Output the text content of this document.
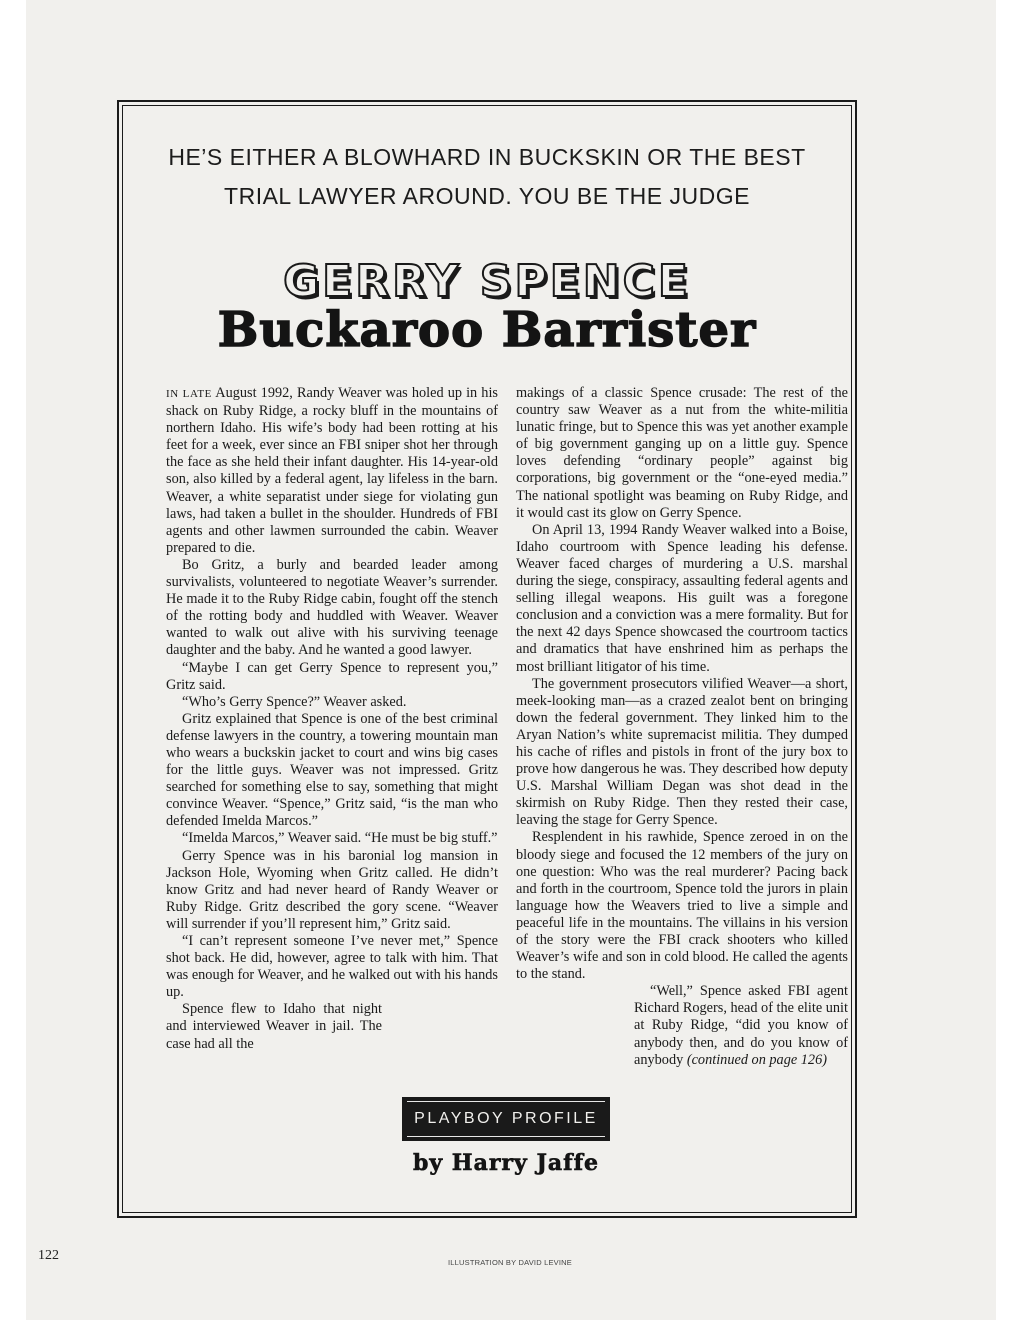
HE’S EITHER A BLOWHARD IN BUCKSKIN OR THE BEST
TRIAL LAWYER AROUND. YOU BE THE JUDGE
GERRY SPENCE
Buckaroo Barrister

IN LATE August 1992, Randy Weaver was holed up in his shack on Ruby Ridge, a rocky bluff in the mountains of northern Idaho. His wife’s body had been rotting at his feet for a week, ever since an FBI sniper shot her through the face as she held their infant daughter. His 14-year-old son, also killed by a federal agent, lay lifeless in the barn. Weaver, a white separatist under siege for violating gun laws, had taken a bullet in the shoulder. Hundreds of FBI agents and other lawmen surrounded the cabin. Weaver prepared to die.

Bo Gritz, a burly and bearded leader among survivalists, volunteered to negotiate Weaver’s surrender. He made it to the Ruby Ridge cabin, fought off the stench of the rotting body and huddled with Weaver. Weaver wanted to walk out alive with his surviving teenage daughter and the baby. And he wanted a good lawyer.

“Maybe I can get Gerry Spence to represent you,” Gritz said.

“Who’s Gerry Spence?” Weaver asked.

Gritz explained that Spence is one of the best criminal defense lawyers in the country, a towering mountain man who wears a buckskin jacket to court and wins big cases for the little guys. Weaver was not impressed. Gritz searched for something else to say, something that might convince Weaver. “Spence,” Gritz said, “is the man who defended Imelda Marcos.”

“Imelda Marcos,” Weaver said. “He must be big stuff.”

Gerry Spence was in his baronial log mansion in Jackson Hole, Wyoming when Gritz called. He didn’t know Gritz and had never heard of Randy Weaver or Ruby Ridge. Gritz described the gory scene. “Weaver will surrender if you’ll represent him,” Gritz said.

“I can’t represent someone I’ve never met,” Spence shot back. He did, however, agree to talk with him. That was enough for Weaver, and he walked out with his hands up.

Spence flew to Idaho that night and interviewed Weaver in jail. The case had all the

makings of a classic Spence crusade: The rest of the country saw Weaver as a nut from the white-militia lunatic fringe, but to Spence this was yet another example of big government ganging up on a little guy. Spence loves defending “ordinary people” against big corporations, big government or the “one-eyed media.” The national spotlight was beaming on Ruby Ridge, and it would cast its glow on Gerry Spence.

On April 13, 1994 Randy Weaver walked into a Boise, Idaho courtroom with Spence leading his defense. Weaver faced charges of murdering a U.S. marshal during the siege, conspiracy, assaulting federal agents and selling illegal weapons. His guilt was a foregone conclusion and a conviction was a mere formality. But for the next 42 days Spence showcased the courtroom tactics and dramatics that have enshrined him as perhaps the most brilliant litigator of his time.

The government prosecutors vilified Weaver—a short, meek-looking man—as a crazed zealot bent on bringing down the federal government. They linked him to the Aryan Nation’s white supremacist militia. They dumped his cache of rifles and pistols in front of the jury box to prove how dangerous he was. They described how deputy U.S. Marshal William Degan was shot dead in the skirmish on Ruby Ridge. Then they rested their case, leaving the stage for Gerry Spence.

Resplendent in his rawhide, Spence zeroed in on the bloody siege and focused the 12 members of the jury on one question: Who was the real murderer? Pacing back and forth in the courtroom, Spence told the jurors in plain language how the Weavers tried to live a simple and peaceful life in the mountains. The villains in his version of the story were the FBI crack shooters who killed Weaver’s wife and son in cold blood. He called the agents to the stand.

“Well,” Spence asked FBI agent Richard Rogers, head of the elite unit at Ruby Ridge, “did you know of anybody then, and do you know of anybody (continued on page 126)

PLAYBOY PROFILE
by Harry Jaffe
122	ILLUSTRATION BY DAVID LEVINE
